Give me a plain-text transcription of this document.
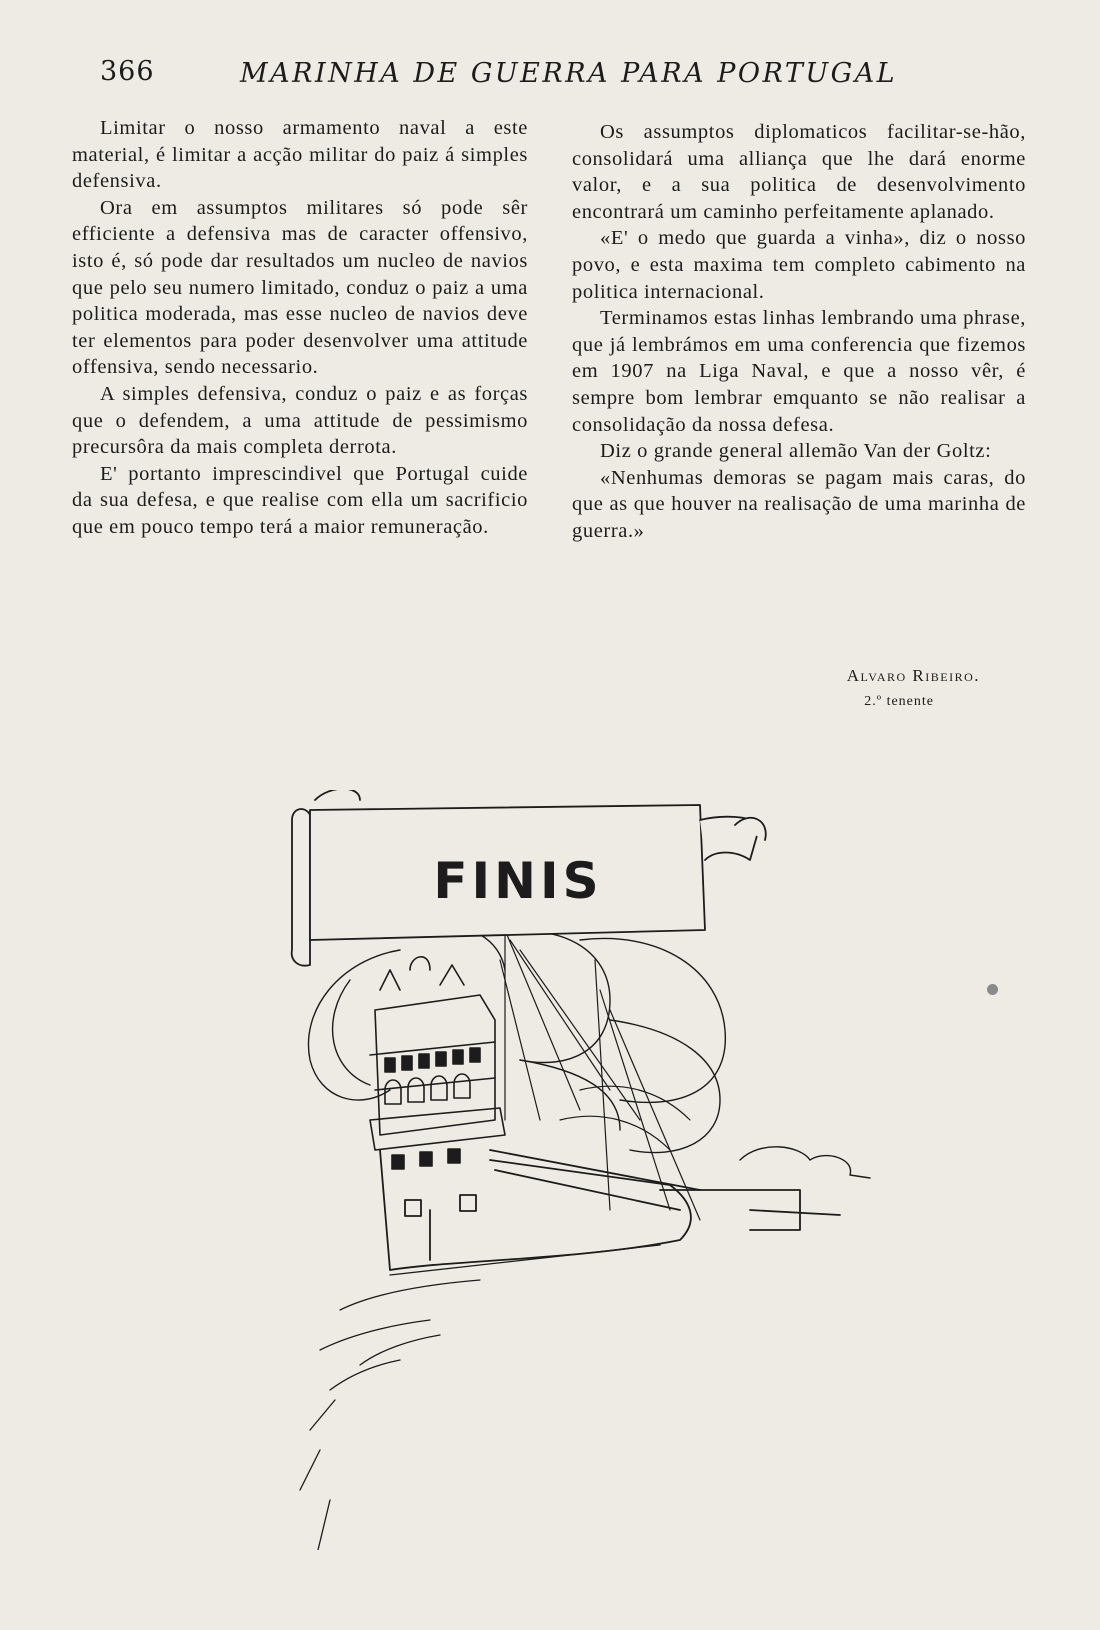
366	MARINHA DE GUERRA PARA PORTUGAL

Limitar o nosso armamento naval a este material, é limitar a acção militar do paiz á simples defensiva.

Ora em assumptos militares só pode sêr efficiente a defensiva mas de caracter offensivo, isto é, só pode dar resultados um nucleo de navios que pelo seu numero limitado, conduz o paiz a uma politica moderada, mas esse nucleo de navios deve ter elementos para poder desenvolver uma attitude offensiva, sendo necessario.

A simples defensiva, conduz o paiz e as forças que o defendem, a uma attitude de pessimismo precursôra da mais completa derrota.

E' portanto imprescindivel que Portugal cuide da sua defesa, e que realise com ella um sacrificio que em pouco tempo terá a maior remuneração.

Os assumptos diplomaticos facilitar-se-hão, consolidará uma alliança que lhe dará enorme valor, e a sua politica de desenvolvimento encontrará um caminho perfeitamente aplanado.

«E' o medo que guarda a vinha», diz o nosso povo, e esta maxima tem completo cabimento na politica internacional.

Terminamos estas linhas lembrando uma phrase, que já lembrámos em uma conferencia que fizemos em 1907 na Liga Naval, e que a nosso vêr, é sempre bom lembrar emquanto se não realisar a consolidação da nossa defesa.

Diz o grande general allemão Van der Goltz:

«Nenhumas demoras se pagam mais caras, do que as que houver na realisação de uma marinha de guerra.»

Alvaro Ribeiro.
2.º tenente
FINIS
